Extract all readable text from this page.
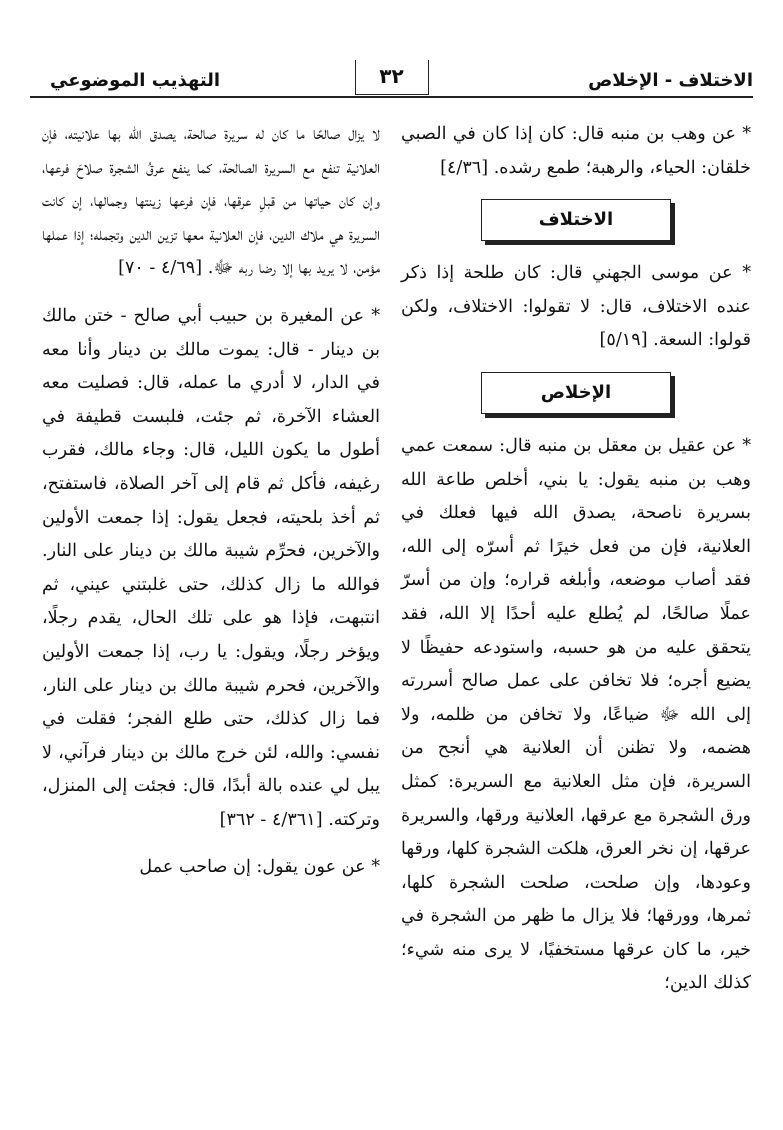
الاختلاف - الإخلاص
٣٢
التهذيب الموضوعي

* عن وهب بن منبه قال: كان إذا كان في الصبي خلقان: الحياء، والرهبة؛ طمع رشده. [٤/٣٦]

الاختلاف

* عن موسى الجهني قال: كان طلحة إذا ذكر عنده الاختلاف، قال: لا تقولوا: الاختلاف، ولكن قولوا: السعة. [٥/١٩]

الإخلاص

* عن عقيل بن معقل بن منبه قال: سمعت عمي وهب بن منبه يقول: يا بني، أخلص طاعة الله بسريرة ناصحة، يصدق الله فيها فعلك في العلانية، فإن من فعل خيرًا ثم أسرّه إلى الله، فقد أصاب موضعه، وأبلغه قراره؛ وإن من أسرّ عملًا صالحًا، لم يُطلع عليه أحدًا إلا الله، فقد يتحقق عليه من هو حسبه، واستودعه حفيظًا لا يضيع أجره؛ فلا تخافن على عمل صالح أسررته إلى الله ﷻ ضياعًا، ولا تخافن من ظلمه، ولا هضمه، ولا تظنن أن العلانية هي أنجح من السريرة، فإن مثل العلانية مع السريرة: كمثل ورق الشجرة مع عرقها، العلانية ورقها، والسريرة عرقها، إن نخر العرق، هلكت الشجرة كلها، ورقها وعودها، وإن صلحت، صلحت الشجرة كلها، ثمرها، وورقها؛ فلا يزال ما ظهر من الشجرة في خير، ما كان عرقها مستخفيًا، لا يرى منه شيء؛ كذلك الدين؛

لا يزال صالحًا ما كان له سريرة صالحة، يصدق الله بها علانيته، فإن العلانية تنفع مع السريرة الصالحة، كما ينفع عرقُ الشجرة صلاحَ فرعها، وإن كان حياتها من قبلِ عرقها، فإن فرعها زينتها وجمالها، إن كانت السريرة هي ملاك الدين، فإن العلانية معها تزين الدين وتجمله؛ إذا عملها مؤمن، لا يريد بها إلا رضا ربه ﷻ. [٤/٦٩ - ٧٠]

* عن المغيرة بن حبيب أبي صالح - ختن مالك بن دينار - قال: يموت مالك بن دينار وأنا معه في الدار، لا أدري ما عمله، قال: فصليت معه العشاء الآخرة، ثم جئت، فلبست قطيفة في أطول ما يكون الليل، قال: وجاء مالك، فقرب رغيفه، فأكل ثم قام إلى آخر الصلاة، فاستفتح، ثم أخذ بلحيته، فجعل يقول: إذا جمعت الأولين والآخرين، فحرِّم شيبة مالك بن دينار على النار. فوالله ما زال كذلك، حتى غلبتني عيني، ثم انتبهت، فإذا هو على تلك الحال، يقدم رجلًا، ويؤخر رجلًا، ويقول: يا رب، إذا جمعت الأولين والآخرين، فحرم شيبة مالك بن دينار على النار، فما زال كذلك، حتى طلع الفجر؛ فقلت في نفسي: والله، لئن خرج مالك بن دينار فرآني، لا يبل لي عنده بالة أبدًا، قال: فجئت إلى المنزل، وتركته. [٤/٣٦١ - ٣٦٢]

* عن عون يقول: إن صاحب عمل
